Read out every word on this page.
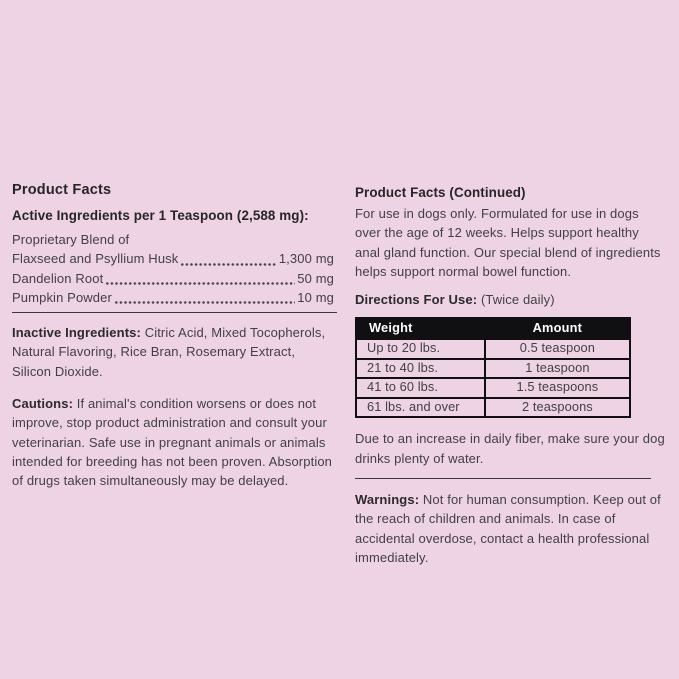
Product Facts
Active Ingredients per 1 Teaspoon (2,588 mg):

Proprietary Blend of

Flaxseed and Psyllium Husk	1,300 mg
Dandelion Root	50 mg
Pumpkin Powder	10 mg

Inactive Ingredients: Citric Acid, Mixed Tocopherols, Natural Flavoring, Rice Bran, Rosemary Extract, Silicon Dioxide.

Cautions: If animal's condition worsens or does not improve, stop product administration and consult your veterinarian. Safe use in pregnant animals or animals intended for breeding has not been proven. Absorption of drugs taken simultaneously may be delayed.

Product Facts (Continued)

For use in dogs only. Formulated for use in dogs over the age of 12 weeks. Helps support healthy anal gland function. Our special blend of ingredients helps support normal bowel function.

Directions For Use: (Twice daily)

Weight	Amount
Up to 20 lbs.	0.5 teaspoon
21 to 40 lbs.	1 teaspoon
41 to 60 lbs.	1.5 teaspoons
61 lbs. and over	2 teaspoons

Due to an increase in daily fiber, make sure your dog drinks plenty of water.

Warnings: Not for human consumption. Keep out of the reach of children and animals. In case of accidental overdose, contact a health professional immediately.
